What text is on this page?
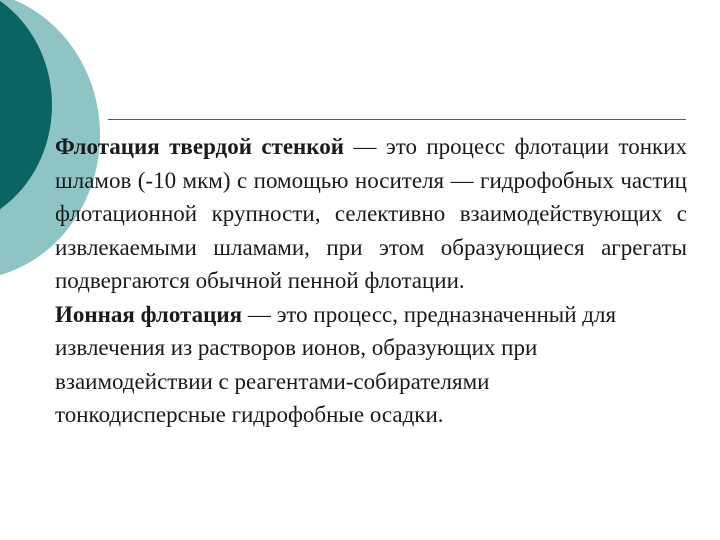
Флотация твердой стенкой — это процесс флотации тонких шламов (-10 мкм) с помощью носителя — гидрофобных частиц флотационной крупности, селективно взаимодействующих с извлекаемыми шламами, при этом образующиеся агрегаты подвергаются обычной пенной флотации.

Ионная флотация — это процесс, предназначенный для извлечения из растворов ионов, образующих при взаимодействии с реагентами-собирателями тонкодисперсные гидрофобные осадки.
